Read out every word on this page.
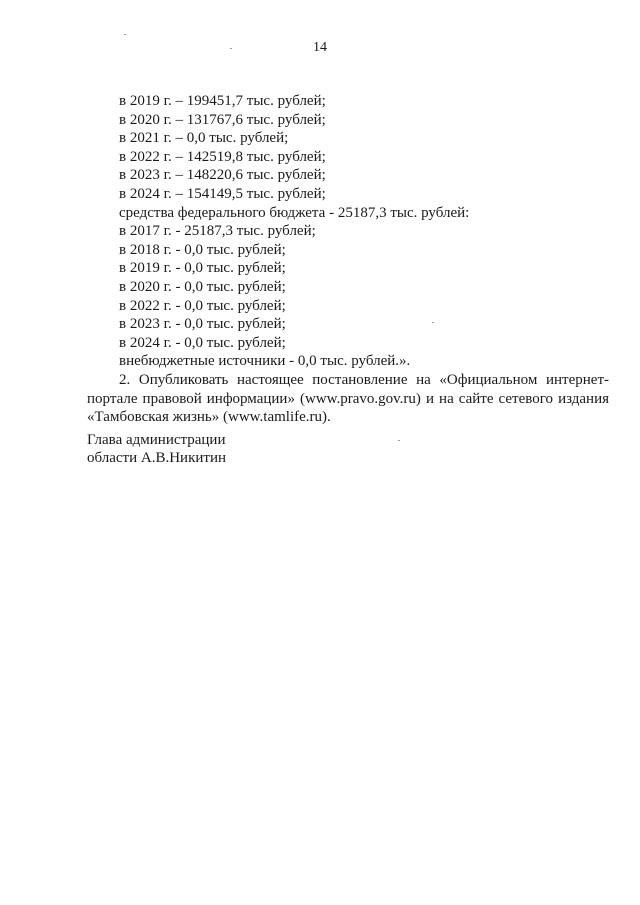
14
в 2019 г. – 199451,7 тыс. рублей;
в 2020 г. – 131767,6 тыс. рублей;
в 2021 г. – 0,0 тыс. рублей;
в 2022 г. – 142519,8 тыс. рублей;
в 2023 г. – 148220,6 тыс. рублей;
в 2024 г. – 154149,5 тыс. рублей;
средства федерального бюджета - 25187,3 тыс. рублей:
в 2017 г. - 25187,3 тыс. рублей;
в 2018 г. - 0,0 тыс. рублей;
в 2019 г. - 0,0 тыс. рублей;
в 2020 г. - 0,0 тыс. рублей;
в 2022 г. - 0,0 тыс. рублей;
в 2023 г. - 0,0 тыс. рублей;
в 2024 г. - 0,0 тыс. рублей;
внебюджетные источники - 0,0 тыс. рублей.».

2. Опубликовать настоящее постановление на «Официальном интернет-портале правовой информации» (www.pravo.gov.ru) и на сайте сетевого издания «Тамбовская жизнь» (www.tamlife.ru).

Глава администрации
области А.В.Никитин
